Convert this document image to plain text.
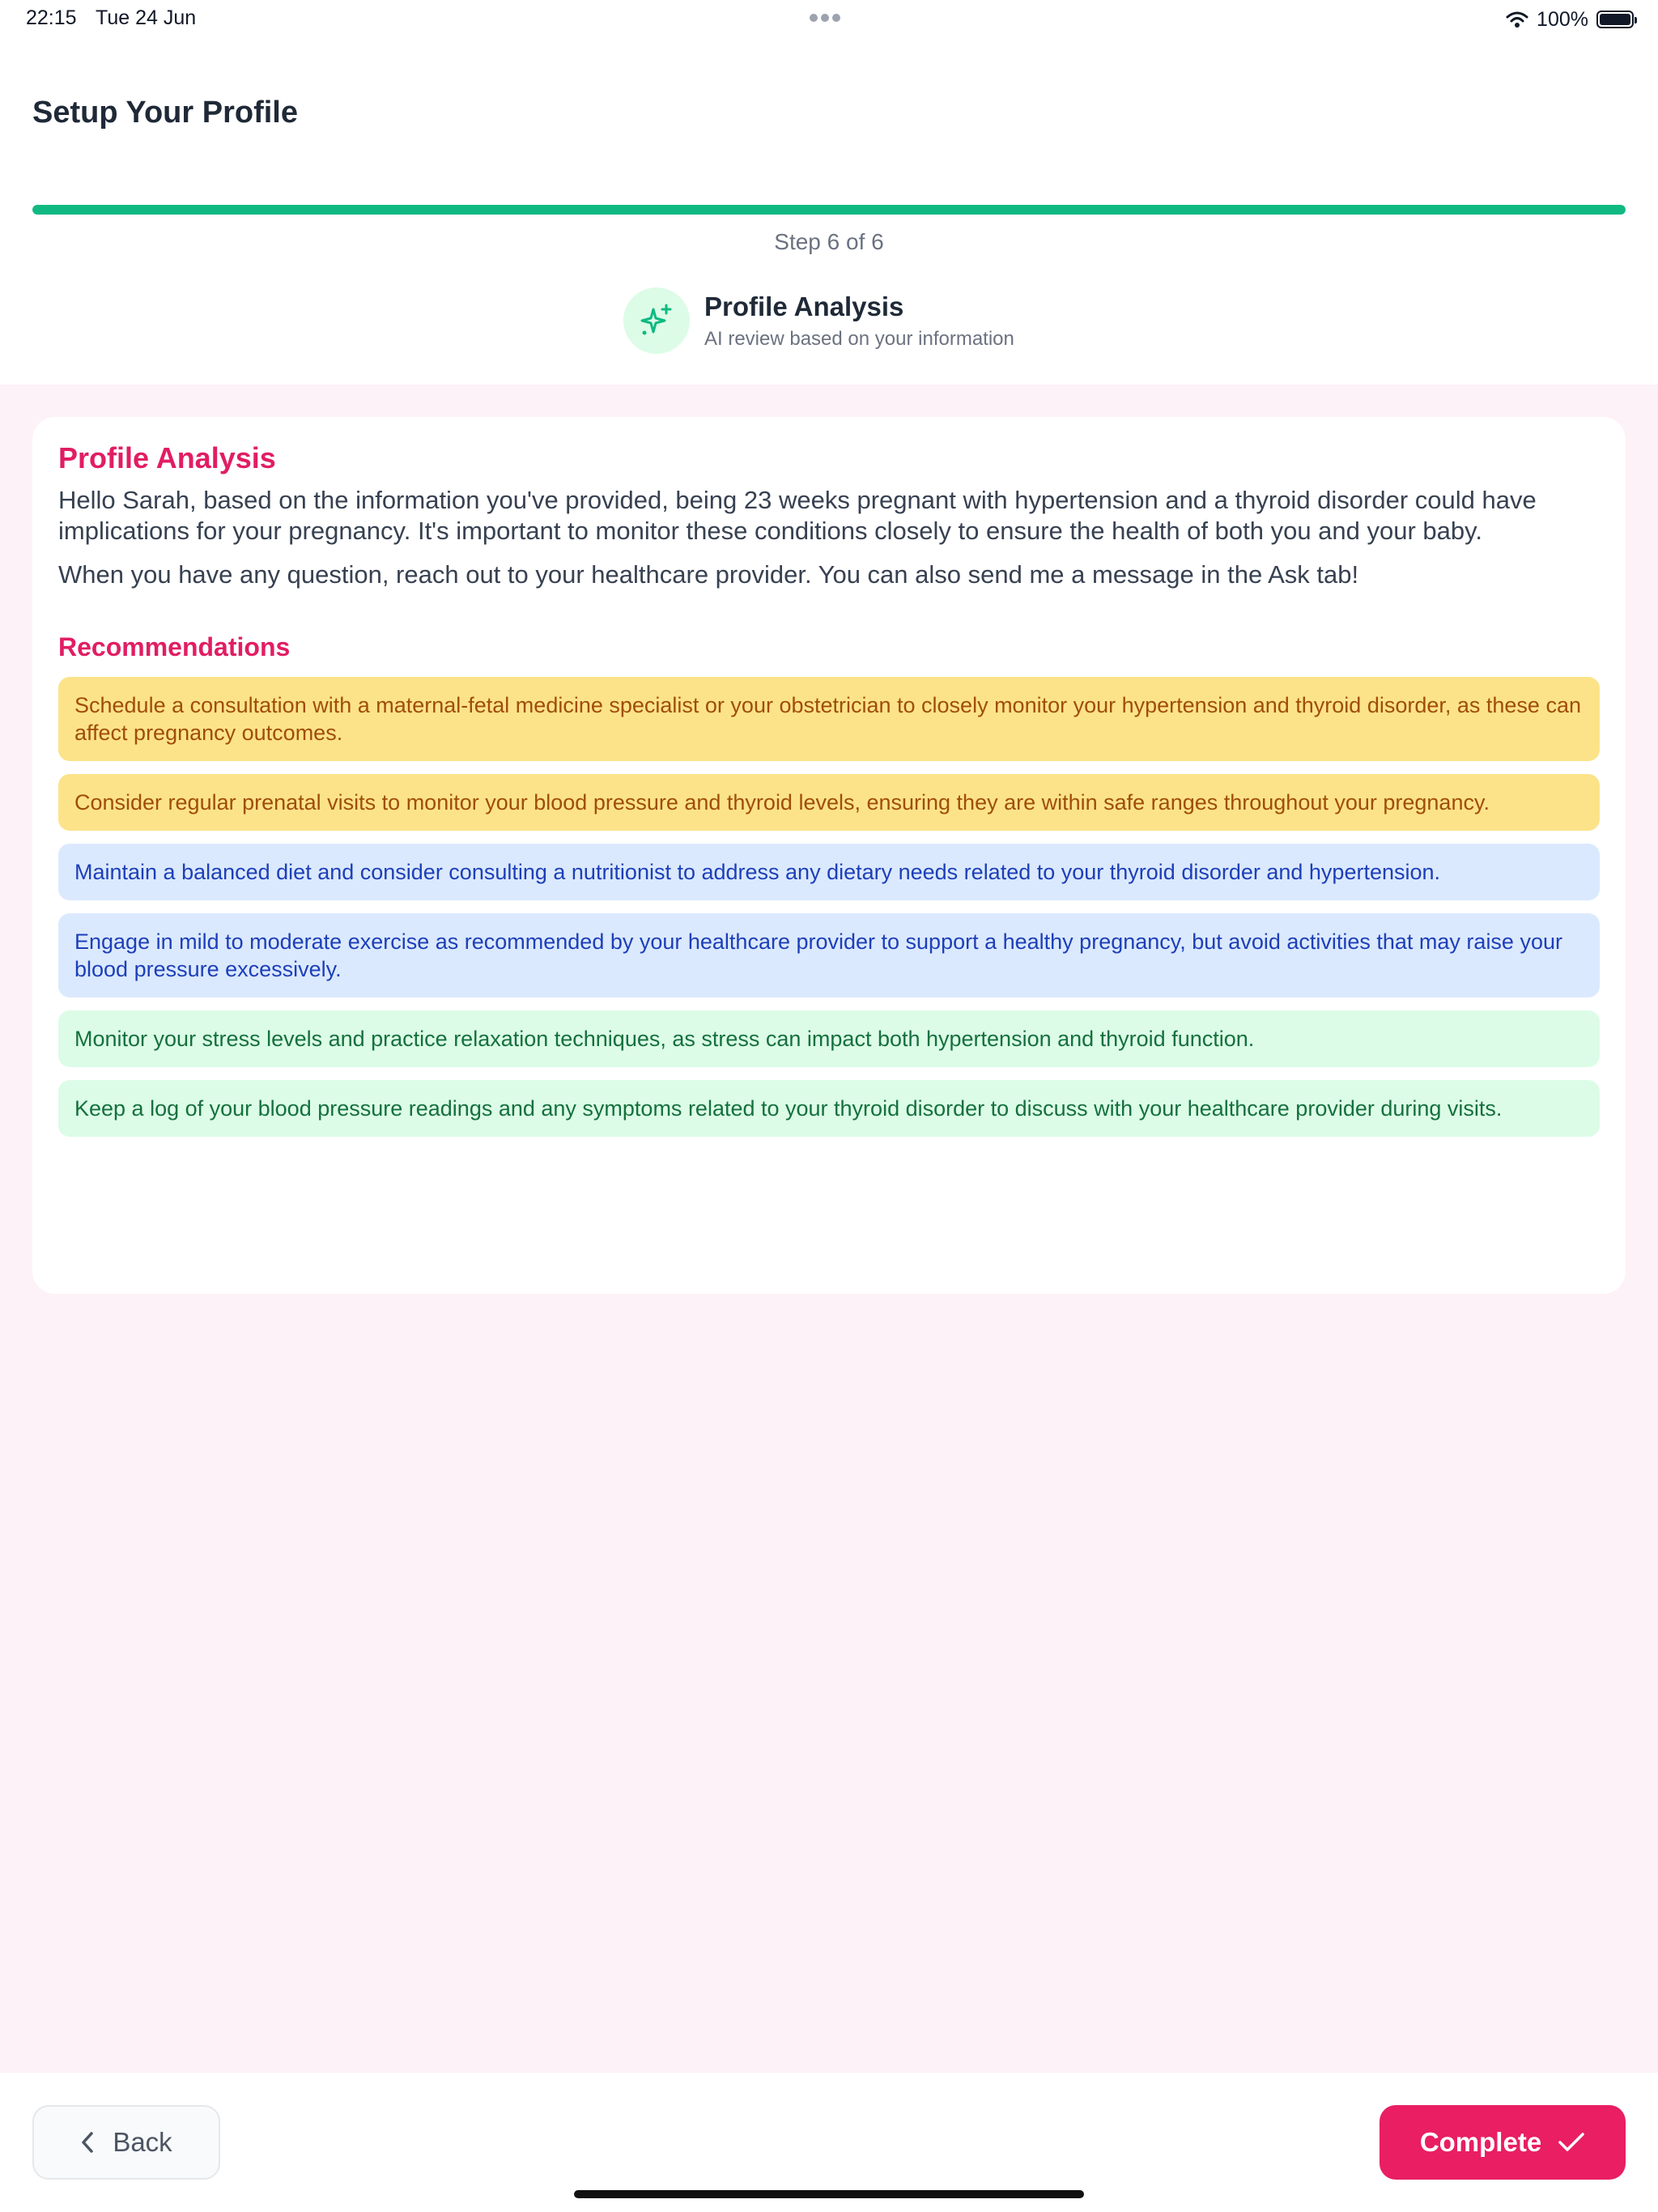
22:15 Tue 24 Jun	100%
Setup Your Profile
Step 6 of 6
Profile Analysis
AI review based on your information
Profile Analysis

Hello Sarah, based on the information you've provided, being 23 weeks pregnant with hypertension and a thyroid disorder could have implications for your pregnancy. It's important to monitor these conditions closely to ensure the health of both you and your baby.

When you have any question, reach out to your healthcare provider. You can also send me a message in the Ask tab!

Recommendations
Schedule a consultation with a maternal-fetal medicine specialist or your obstetrician to closely monitor your hypertension and thyroid disorder, as these can affect pregnancy outcomes.
Consider regular prenatal visits to monitor your blood pressure and thyroid levels, ensuring they are within safe ranges throughout your pregnancy.
Maintain a balanced diet and consider consulting a nutritionist to address any dietary needs related to your thyroid disorder and hypertension.
Engage in mild to moderate exercise as recommended by your healthcare provider to support a healthy pregnancy, but avoid activities that may raise your blood pressure excessively.
Monitor your stress levels and practice relaxation techniques, as stress can impact both hypertension and thyroid function.
Keep a log of your blood pressure readings and any symptoms related to your thyroid disorder to discuss with your healthcare provider during visits.
Back	Complete
